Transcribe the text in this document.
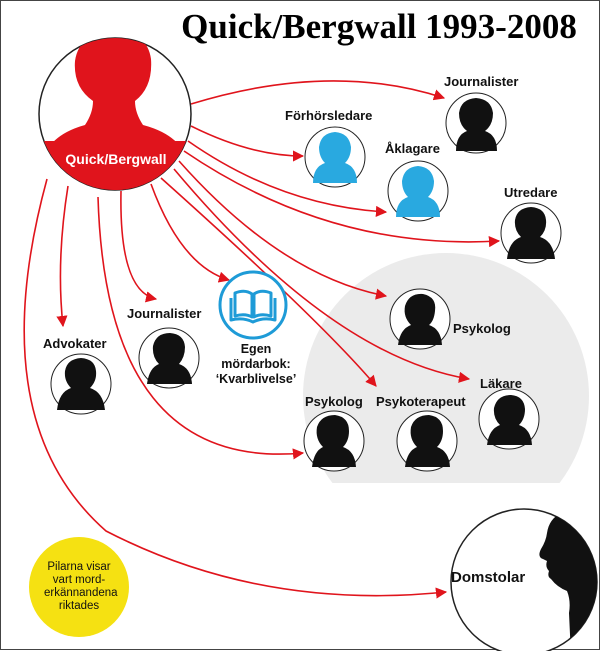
Quick/Bergwall 1993-2008
Quick/Bergwall
Journalister
Förhörsledare
Åklagare
Utredare
Psykolog
Läkare
Psykoterapeut
Psykolog
Journalister
Advokater	Egen
mördarbok:
‘Kvarblivelse’
Domstolar
Pilarna visar vart mord-erkännandena riktades
